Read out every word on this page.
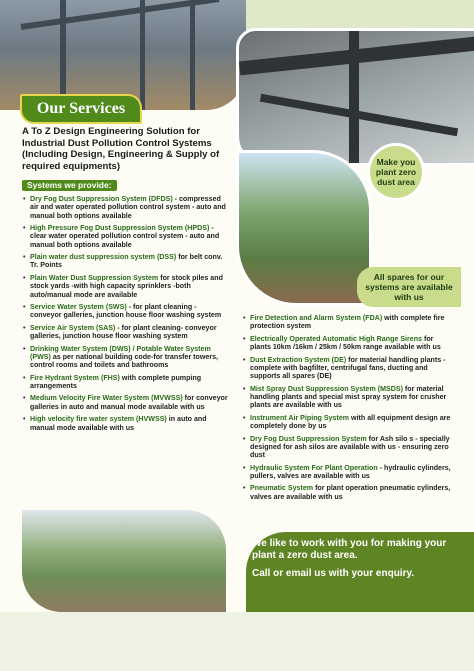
Make you plant zero dust area
All spares for our systems are available with us
Our Services
A To Z Design Engineering Solution for Industrial Dust Pollution Control Systems (Including Design, Engineering & Supply of required equipments)
Systems we provide:
• Dry Fog Dust Suppression System (DFDS) - compressed air and water operated pollution control system - auto and manual both options available
• High Pressure Fog Dust Suppression System (HPDS) - clear water operated pollution control system - auto and manual both options available
• Plain water dust suppression system (DSS) for belt conv. Tr. Points
• Plain Water Dust Suppression System for stock piles and stock yards -with high capacity sprinklers -both auto/manual mode are available
• Service Water System (SWS) - for plant cleaning - conveyor galleries, junction house floor washing system
• Service Air System (SAS) - for plant cleaning- conveyor galleries, junction house floor washing system
• Drinking Water System (DWS) / Potable Water System (PWS) as per national building code-for transfer towers, control rooms and toilets and bathrooms
• Fire Hydrant System (FHS) with complete pumping arrangements
• Medium Velocity Fire Water System (MVWSS) for conveyor galleries in auto and manual mode available with us
• High velocity fire water system (HVWSS) in auto and manual mode available with us
• Fire Detection and Alarm System (FDA) with complete fire protection system
• Electrically Operated Automatic High Range Sirens for plants 10km /16km / 25km / 50km range available with us
• Dust Extraction System (DE) for material handling plants - complete with bagfilter, centrifugal fans, ducting and supports all spares (DE)
• Mist Spray Dust Suppression System (MSDS) for material handling plants and special mist spray system for crusher plants are available with us
• Instrument Air Piping System with all equipment design are completely done by us
• Dry Fog Dust Suppression System for Ash silo s - specially designed for ash silos are available with us - ensuring zero dust
• Hydraulic System For Plant Operation - hydraulic cylinders, pullers, valves are available with us
• Pneumatic System for plant operation pneumatic cylinders, valves are available with us

We like to work with you for making your plant a zero dust area.

Call or email us with your enquiry.
